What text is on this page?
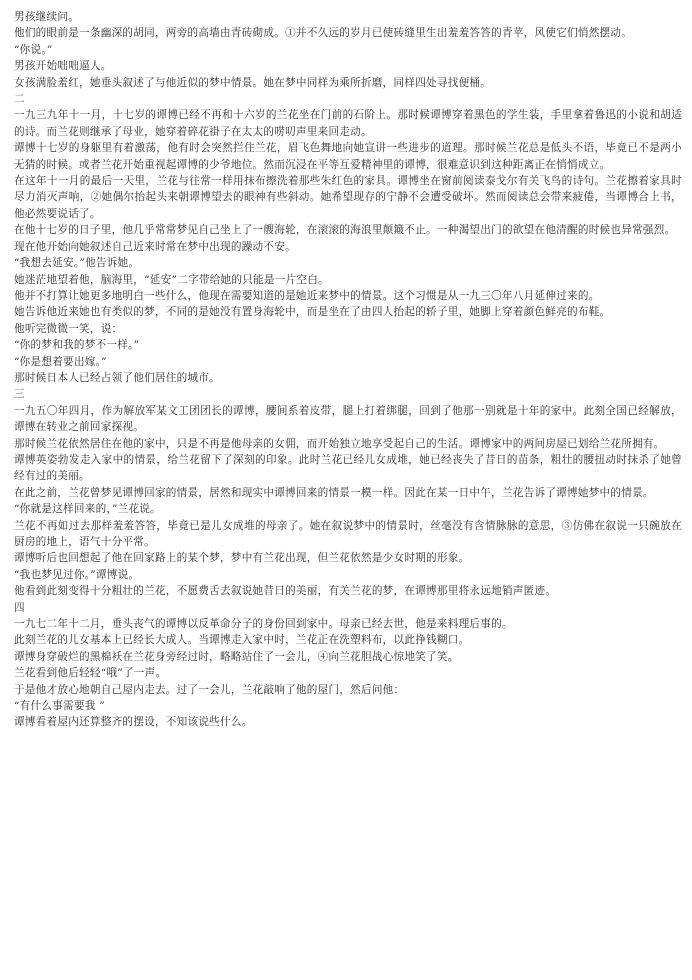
男孩继续问。

他们的眼前是一条幽深的胡同，两旁的高墙由青砖砌成。①并不久远的岁月已使砖缝里生出羞羞答答的青苹，风使它们悄然摆动。

“你说。”

男孩开始咄咄逼人。

女孩满脸羞红，她垂头叙述了与他近似的梦中情景。她在梦中同样为乘所折磨，同样四处寻找便桶。

二

一九三九年十一月，十七岁的谭博已经不再和十六岁的兰花坐在门前的石阶上。那时候谭博穿着黑色的学生装，手里拿着鲁迅的小说和胡适的诗。而兰花则继承了母业，她穿着碎花褂子在太太的唠叨声里来回走动。

谭博十七岁的身躯里有着激荡，他有时会突然拦住兰花，眉飞色舞地向她宣讲一些进步的道理。那时候兰花总是低头不语，毕竟已不是两小无猜的时候。或者兰花开始重视起谭博的少爷地位。然而沉浸在平等互爱精神里的谭博，很难意识到这种距离正在悄悄成立。

在这年十一月的最后一天里，兰花与往常一样用抹布擦洗着那些朱红色的家具。谭博坐在窗前阅读泰戈尔有关飞鸟的诗句。兰花擦着家具时尽力消灭声响，②她偶尔抬起头来朝谭博望去的眼神有些斜动。她希望现存的宁静不会遭受破坏。然而阅读总会带来疲倦，当谭博合上书，他必然要说话了。

在他十七岁的日子里，他几乎常常梦见自己坐上了一艘海轮，在滚滚的海浪里颠簸不止。一种渴望出门的欲望在他清醒的时候也异常强烈。

现在他开始向她叙述自己近来时常在梦中出现的躁动不安。

“我想去延安。”他告诉她。

她迷茫地望着他，脑海里，“延安”二字带给她的只能是一片空白。

他并不打算让她更多地明白一些什么，他现在需要知道的是她近来梦中的情景。这个习惯是从一九三〇年八月延伸过来的。

她告诉他近来她也有类似的梦，不同的是她没有置身海轮中，而是坐在了由四人抬起的轿子里，她脚上穿着颜色鲜亮的布鞋。

他听完微微一笑，说：

“你的梦和我的梦不一样。”

“你是想着要出嫁。”

那时候日本人已经占领了他们居住的城市。

三

一九五〇年四月，作为解放军某文工团团长的谭博，腰间系着皮带，腿上打着绑腿，回到了他那一别就是十年的家中。此刻全国已经解放，谭博在转业之前回家探视。

那时候兰花依然居住在他的家中，只是不再是他母亲的女佣，而开始独立地享受起自己的生活。谭博家中的两间房屋已划给兰花所拥有。

谭博英姿勃发走入家中的情景，给兰花留下了深刻的印象。此时兰花已经儿女成堆，她已经丧失了昔日的苗条，粗壮的腰扭动时抹杀了她曾经有过的美丽。

在此之前，兰花曾梦见谭博回家的情景，居然和现实中谭博回来的情景一模一样。因此在某一日中午，兰花告诉了谭博她梦中的情景。

“你就是这样回来的，”兰花说。

兰花不再如过去那样羞羞答答，毕竟已是儿女成堆的母亲了。她在叙说梦中的情景时，丝毫没有含情脉脉的意思，③仿佛在叙说一只碗放在厨房的地上，语气十分平常。

谭博听后也回想起了他在回家路上的某个梦，梦中有兰花出现，但兰花依然是少女时期的形象。

“我也梦见过你。”谭博说。

他看到此刻变得十分粗壮的兰花，不愿费舌去叙说她昔日的美丽，有关兰花的梦，在谭博那里将永远地销声匿迹。

四

一九七二年十二月，垂头丧气的谭博以反革命分子的身份回到家中。母亲已经去世，他是来料理后事的。

此刻兰花的儿女基本上已经长大成人。当谭博走入家中时，兰花正在洗塑料布，以此挣钱糊口。

谭博身穿破烂的黑棉袄在兰花身旁经过时，略略站住了一会儿，④向兰花胆战心惊地笑了笑。

兰花看到他后轻轻“哦”了一声。

于是他才放心地朝自己屋内走去。过了一会儿，兰花敲响了他的屋门，然后问他：

“有什么事需要我 ”

谭博看着屋内还算整齐的摆设，不知该说些什么。
